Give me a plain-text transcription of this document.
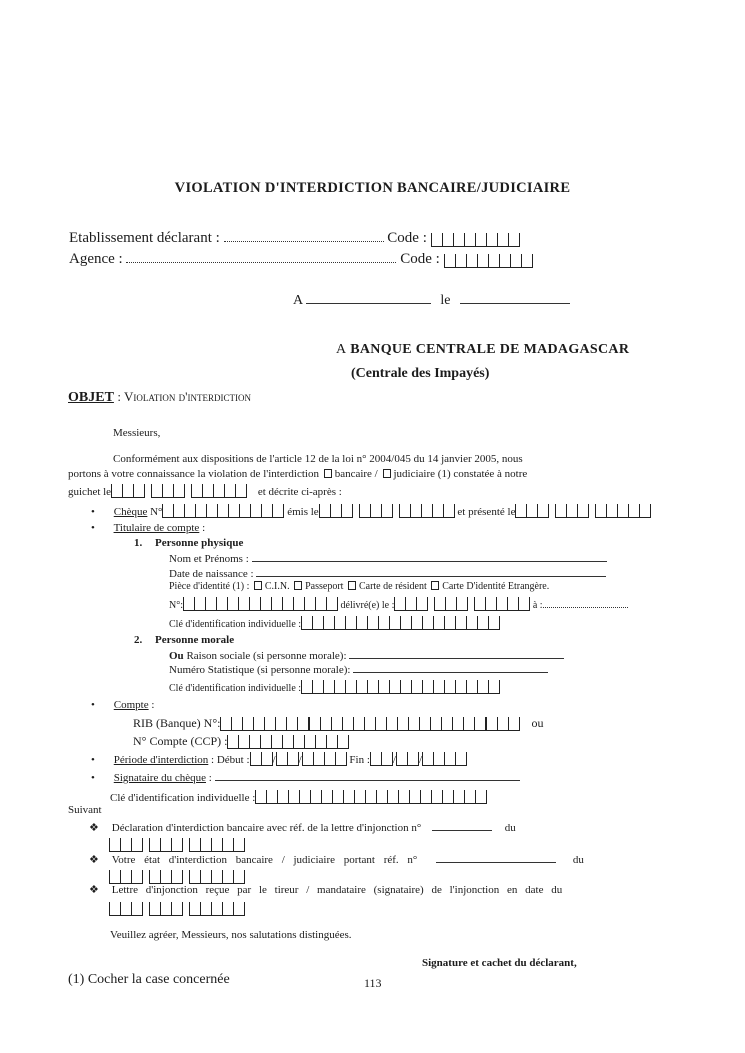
VIOLATION D'INTERDICTION BANCAIRE/JUDICIAIRE
Etablissement déclarant :	Code :
Agence :	Code :
A	le
A BANQUE CENTRALE DE MADAGASCAR
(Centrale des Impayés)
OBJET : Violation d'interdiction
Messieurs,
Conformément aux dispositions de l'article 12 de la loi n° 2004/045 du 14 janvier 2005, nous
portons à votre connaissance la violation de l'interdiction bancaire / judiciaire (1) constatée à notre
guichet le	et décrite ci-après :
• Chèque N°	émis le	et présenté le
• Titulaire de compte :
1. Personne physique
Nom et Prénoms :
Date de naissance :
Pièce d'identité (1) : C.I.N. Passeport Carte de résident Carte D'identité Etrangère.
N°:	délivré(e) le :	à :
Clé d'identification individuelle :
2. Personne morale
Ou Raison sociale (si personne morale):
Numéro Statistique (si personne morale):
Clé d'identification individuelle :
• Compte :
RIB (Banque) N°:	ou
N° Compte (CCP) :
• Période d'interdiction : Début : / /	Fin : / /
• Signataire du chèque :
Clé d'identification individuelle :
Suivant
❖ Déclaration d'interdiction bancaire avec réf. de la lettre d'injonction n°	du
❖ Votre état d'interdiction bancaire / judiciaire portant réf. n°	du
❖ Lettre d'injonction reçue par le tireur / mandataire (signataire) de l'injonction en date du
Veuillez agréer, Messieurs, nos salutations distinguées.
Signature et cachet du déclarant,
(1) Cocher la case concernée	113
